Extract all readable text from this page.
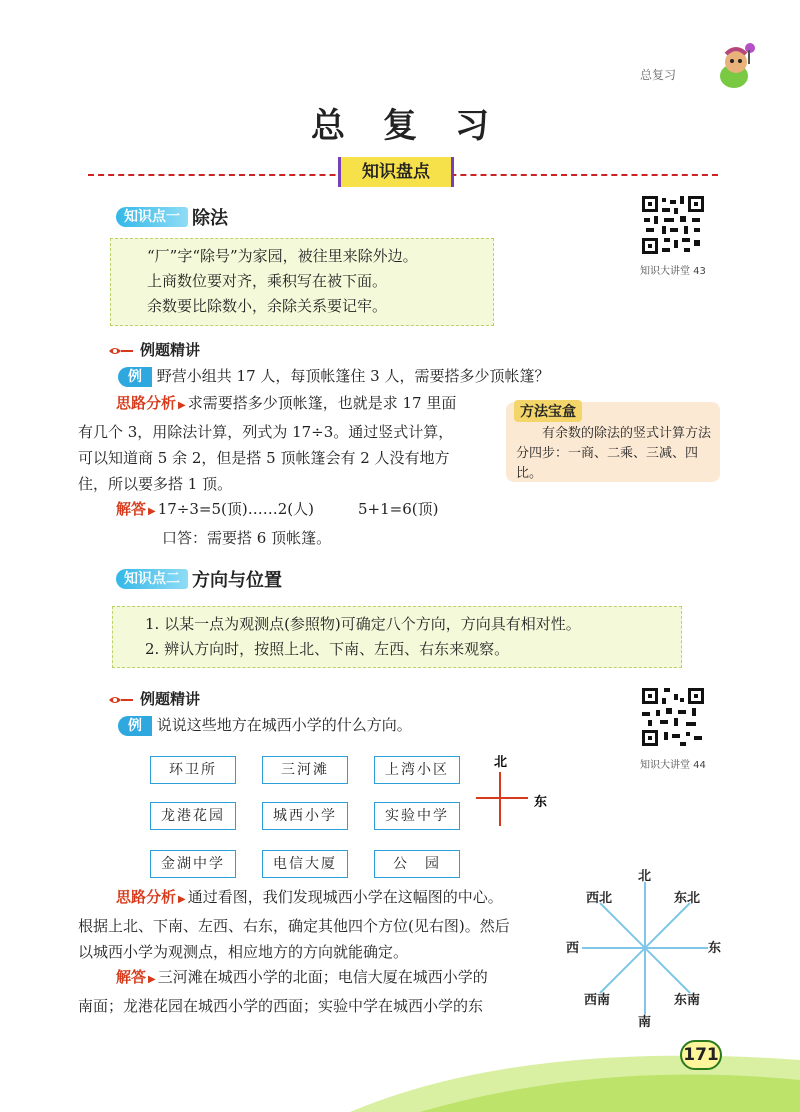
总复习
总复习
知识盘点
知识点一 除法
知识大讲堂 43

“厂”字“除号”为家园，被往里来除外边。

上商数位要对齐，乘积写在被下面。

余数要比除数小，余除关系要记牢。

例题精讲
例 野营小组共 17 人，每顶帐篷住 3 人，需要搭多少顶帐篷？
思路分析 ▶ 求需要搭多少顶帐篷，也就是求 17 里面
有几个 3，用除法计算，列式为 17÷3。通过竖式计算，
可以知道商 5 余 2，但是搭 5 顶帐篷会有 2 人没有地方
住，所以要多搭 1 顶。
解答 ▶ 17÷3=5(顶)……2(人)	5+1=6(顶)
口答：需要搭 6 顶帐篷。
方法宝盒
有余数的除法的竖式计算方法分四步：一商、二乘、三减、四比。
知识点二 方向与位置

1. 以某一点为观测点(参照物)可确定八个方向，方向具有相对性。

2. 辨认方向时，按照上北、下南、左西、右东来观察。

例题精讲
知识大讲堂 44
例 说说这些地方在城西小学的什么方向。
环卫所	三河滩	上湾小区
龙港花园	城西小学	实验中学
金湖中学	电信大厦	公　园
北
东
思路分析 ▶ 通过看图，我们发现城西小学在这幅图的中心。
根据上北、下南、左西、右东，确定其他四个方位(见右图)。然后
以城西小学为观测点，相应地方的方向就能确定。
解答 ▶ 三河滩在城西小学的北面；电信大厦在城西小学的
南面；龙港花园在城西小学的西面；实验中学在城西小学的东
北
东北
东
东南
南
西南
西
西北
171
